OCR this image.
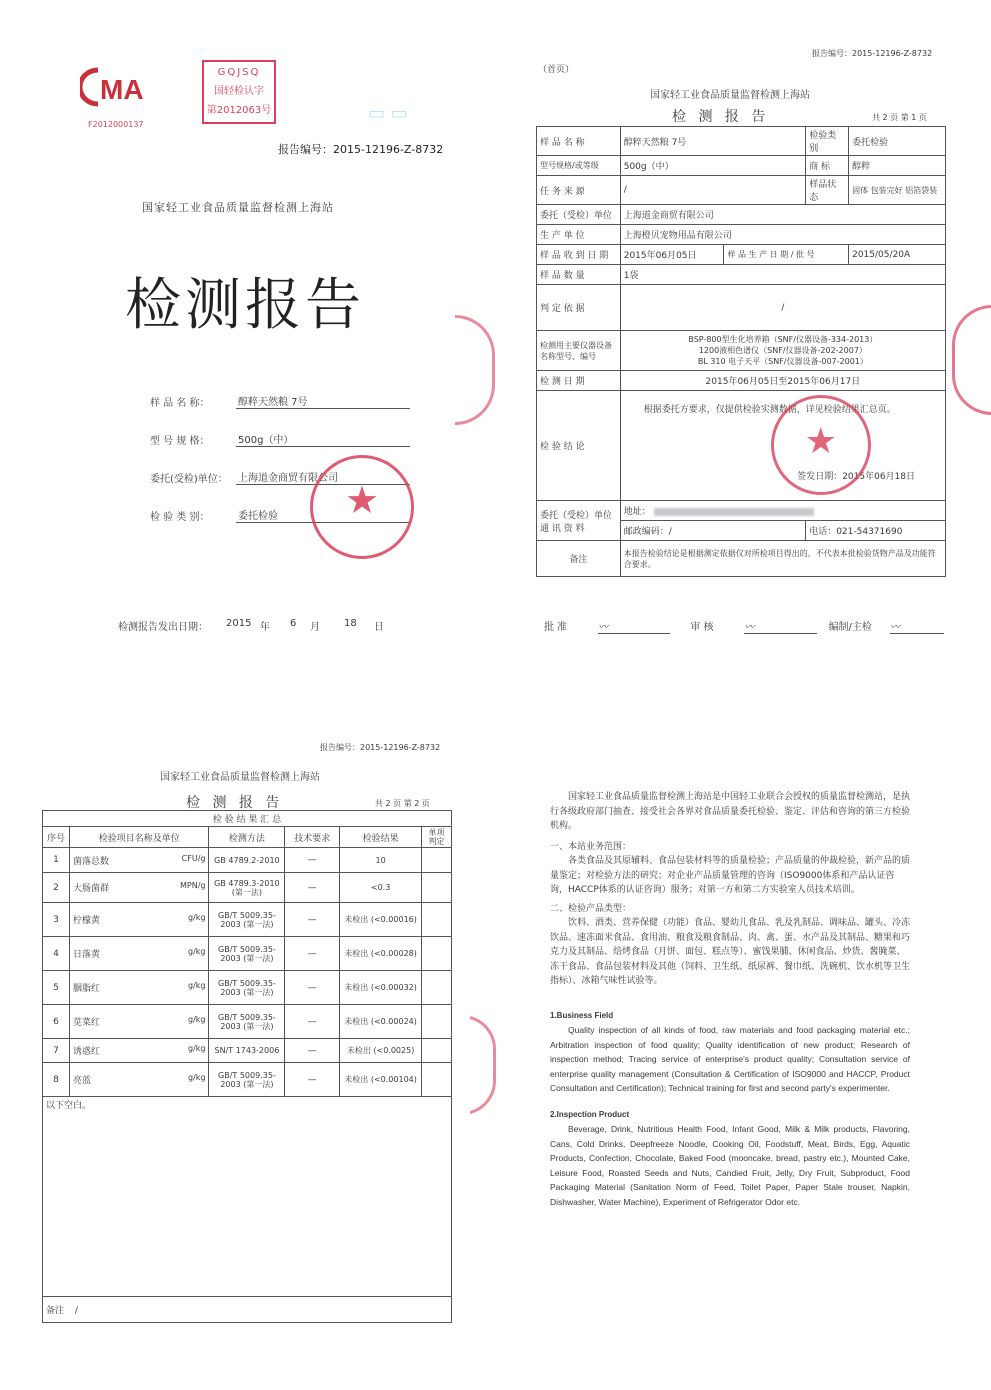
MA
F2012000137
GQJSQ
国轻检认字
第2012063号	▭ ▭
报告编号：2015-12196-Z-8732
国家轻工业食品质量监督检测上海站
检测报告
样 品 名 称：	醇粹天然粮 7号
型 号 规 格：	500g（中）
委托(受检)单位：	上海道金商贸有限公司
检 验 类 别：	委托检验	★
检测报告发出日期：	2015 年	6	月	18	日
报告编号：2015-12196-Z-8732
（首页）
国家轻工业食品质量监督检测上海站
检 测 报 告	共 2 页 第 1 页
样 品 名 称	醇粹天然粮 7号		检验类别	委托检验
型号规格/或等级	500g（中）		商 标	醇粹
任 务 来 源	/		样品状态	固体 包装完好 铝箔袋装
委托（受检）单位	上海道金商贸有限公司			
生 产 单 位	上海橙贝宠物用品有限公司			
样 品 收 到 日 期	2015年06月05日	样 品 生 产 日 期 / 批 号		2015/05/20A
样 品 数 量	1袋			
判 定 依 据	/			
检测用主要仪器设备名称型号、编号	BSP-800型生化培养箱（SNF/仪器设备-334-2013）
1200液相色谱仪（SNF/仪器设备-202-2007）
BL 310 电子天平（SNF/仪器设备-007-2001）			

检 测 日 期	2015年06月05日至2015年06月17日			
检 验 结 论	根据委托方要求，仅提供检验实测数据，详见检验结果汇总页。
签发日期：2015年06月18日
★			

委托（受检）单位通 讯 资 料	地址：			
	邮政编码：/		电话：021-54371690	
备注	本报告检验结论是根据测定依据仅对所检项目得出的，不代表本批检验货物产品及功能符合要求。			
批 准	〰	审 核	〰	编制/主检	〰
报告编号：2015-12196-Z-8732
国家轻工业食品质量监督检测上海站
检 测 报 告	共 2 页 第 2 页
检 验 结 果 汇 总					
序号	检验项目名称及单位	检测方法	技术要求	检验结果	单项判定
1	菌落总数 CFU/g	GB 4789.2-2010	—	10	
2	大肠菌群 MPN/g	GB 4789.3-2010 (第一法)	—	<0.3	
3	柠檬黄 g/kg	GB/T 5009.35-2003 (第一法)	—	未检出 (<0.00016)	
4	日落黄 g/kg	GB/T 5009.35-2003 (第一法)	—	未检出 (<0.00028)	
5	胭脂红 g/kg	GB/T 5009.35-2003 (第一法)	—	未检出 (<0.00032)	
6	苋菜红 g/kg	GB/T 5009.35-2003 (第一法)	—	未检出 (<0.00024)	
7	诱惑红 g/kg	SN/T 1743-2006	—	未检出 (<0.0025)	
8	亮蓝 g/kg	GB/T 5009.35-2003 (第一法)	—	未检出 (<0.00104)	
以下空白。					
备注 /					
国家轻工业食品质量监督检测上海站是中国轻工业联合会授权的质量监督检测站，是执行各级政府部门抽查、接受社会各界对食品质量委托检验、鉴定、评估和咨询的第三方检验机构。
一、本站业务范围：
各类食品及其原辅料、食品包装材料等的质量检验；产品质量的仲裁检验，新产品的质量鉴定；对检验方法的研究；对企业产品质量管理的咨询（ISO9000体系和产品认证咨询，HACCP体系的认证咨询）服务；对第一方和第二方实验室人员技术培训。
二、检验产品类型：
饮料、酒类、营养保健（功能）食品、婴幼儿食品、乳及乳制品、调味品、罐头、冷冻饮品、速冻面米食品、食用油、粮食及粮食制品、肉、禽、蛋、水产品及其制品、糖果和巧克力及其制品、焙烤食品（月饼、面包、糕点等）、蜜饯果脯、休闲食品、炒货、酱腌菜、冻干食品、食品包装材料及其他（饲料、卫生纸、纸尿裤、餐巾纸、洗碗机、饮水机等卫生指标）、冰箱气味性试验等。
1.Business Field
Quality inspection of all kinds of food, raw materials and food packaging material etc.; Arbitration inspection of food quality; Quality identification of new product; Research of inspection method; Tracing service of enterprise's product quality; Consultation service of enterprise quality management (Consultation & Certification of ISO9000 and HACCP, Product Consultation and Certification); Technical training for first and second party's experimenter.
2.Inspection Product
Beverage, Drink, Nutritious Health Food, Infant Good, Milk & Milk products, Flavoring, Cans, Cold Drinks, Deepfreeze Noodle, Cooking Oil, Foodstuff, Meat, Birds, Egg, Aquatic Products, Confection, Chocolate, Baked Food (mooncake, bread, pastry etc.), Mounted Cake, Leisure Food, Roasted Seeds and Nuts, Candied Fruit, Jelly, Dry Fruit, Subproduct, Food Packaging Material (Sanitation Norm of Feed, Toilet Paper, Paper Stale trouser, Napkin, Dishwasher, Water Machine), Experiment of Refrigerator Odor etc.
